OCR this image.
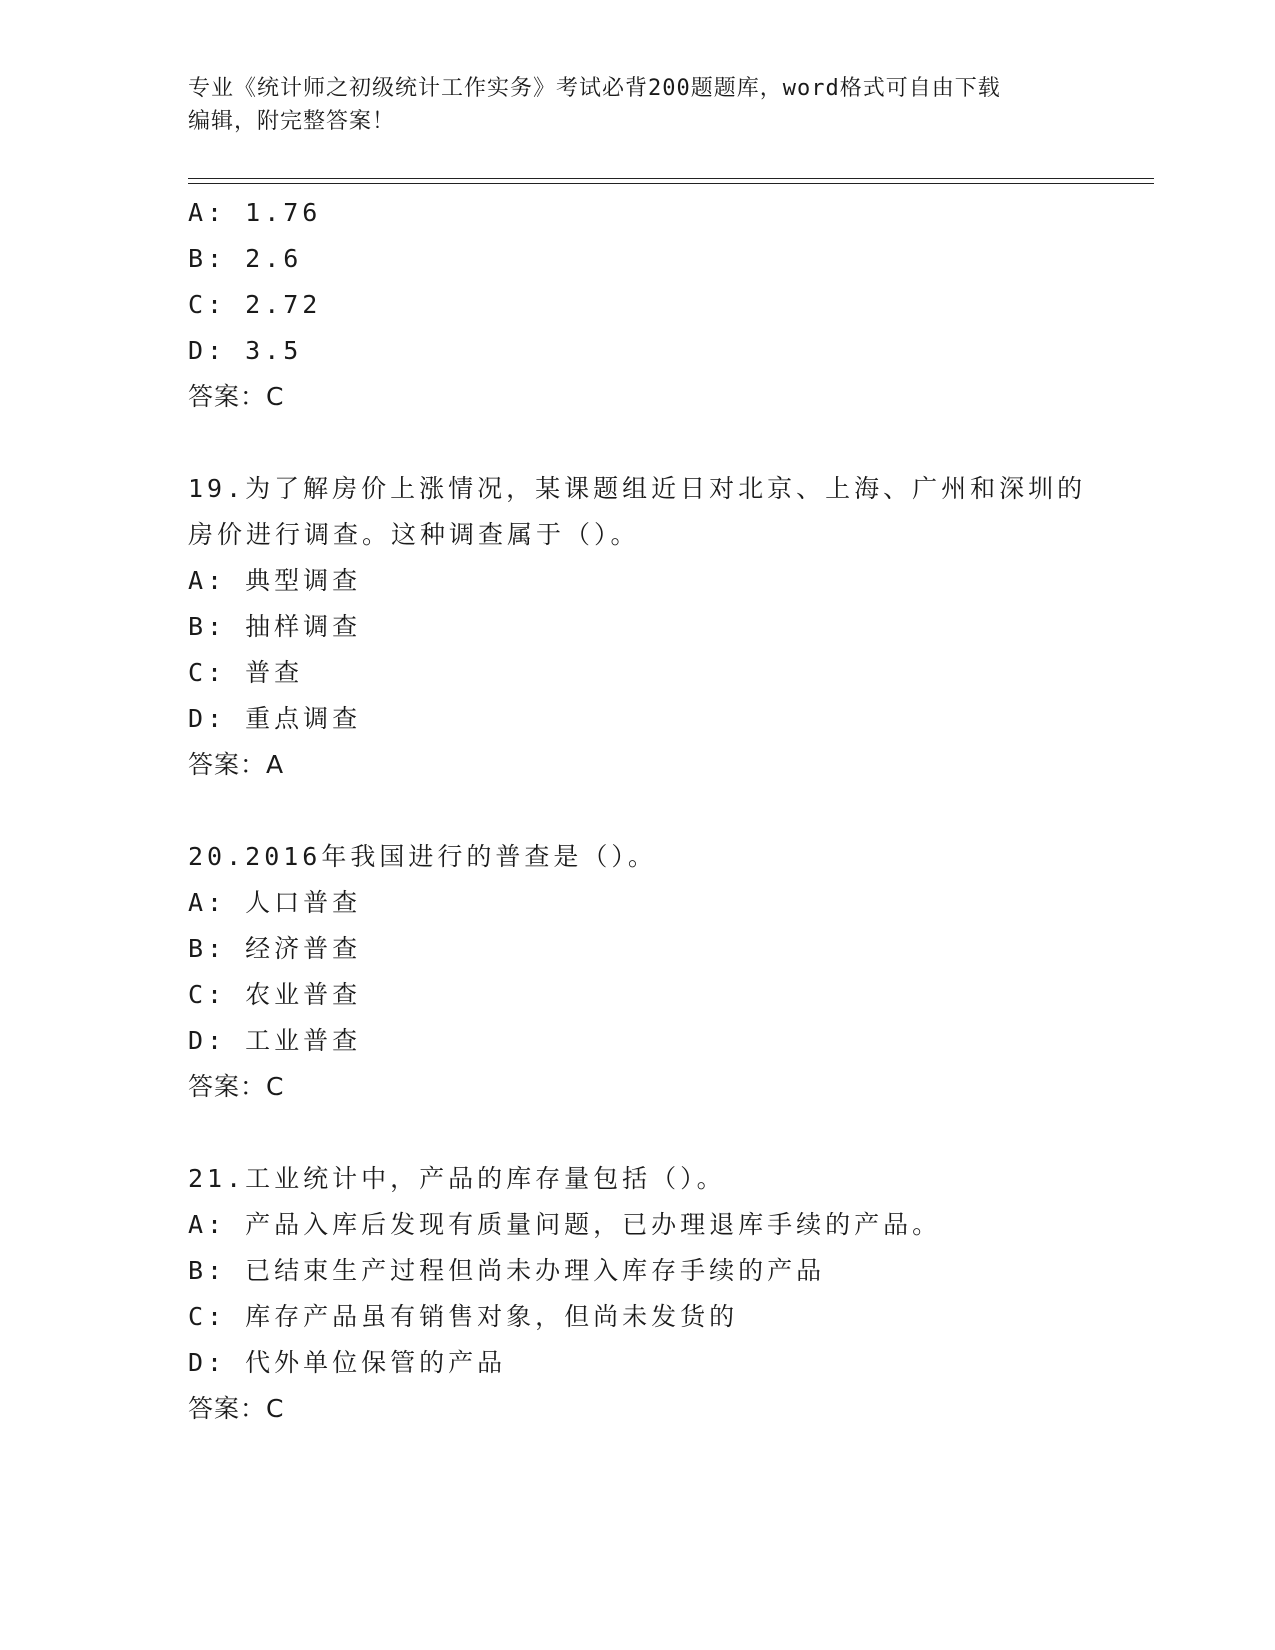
专业《统计师之初级统计工作实务》考试必背200题题库，word格式可自由下载
编辑，附完整答案！
A: 1.76
B: 2.6
C: 2.72
D: 3.5
答案：C
19.为了解房价上涨情况，某课题组近日对北京、上海、广州和深圳的
房价进行调查。这种调查属于（）。
A: 典型调查
B: 抽样调查
C: 普查
D: 重点调查
答案：A
20.2016年我国进行的普查是（）。
A: 人口普查
B: 经济普查
C: 农业普查
D: 工业普查
答案：C
21.工业统计中，产品的库存量包括（）。
A: 产品入库后发现有质量问题，已办理退库手续的产品。
B: 已结束生产过程但尚未办理入库存手续的产品
C: 库存产品虽有销售对象，但尚未发货的
D: 代外单位保管的产品
答案：C
